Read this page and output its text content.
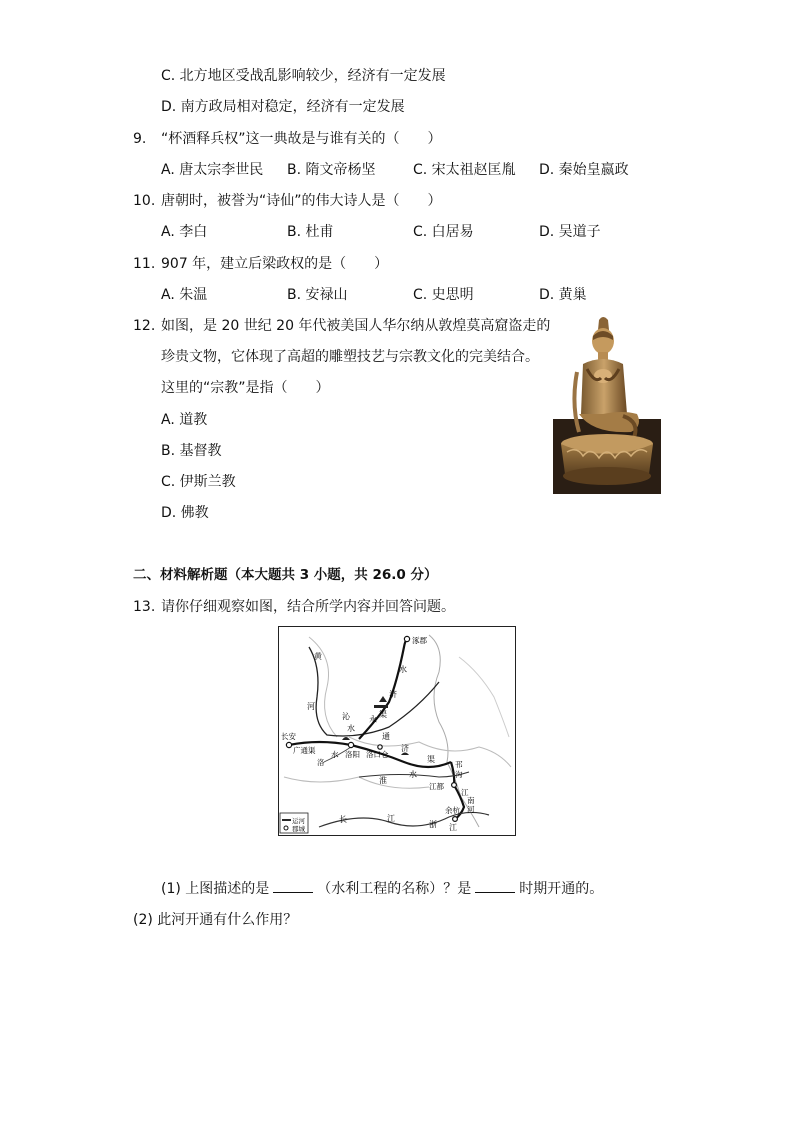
C. 北方地区受战乱影响较少，经济有一定发展
D. 南方政局相对稳定，经济有一定发展
9. “杯酒释兵权”这一典故是与谁有关的（　　）
A. 唐太宗李世民 B. 隋文帝杨坚	C. 宋太祖赵匡胤 D. 秦始皇嬴政
10. 唐朝时，被誉为“诗仙”的伟大诗人是（　　）
A. 李白	B. 杜甫	C. 白居易	D. 吴道子
11. 907 年，建立后梁政权的是（　　）
A. 朱温	B. 安禄山	C. 史思明	D. 黄巢
12. 如图，是 20 世纪 20 年代被美国人华尔纳从敦煌莫高窟盗走的
珍贵文物，它体现了高超的雕塑技艺与宗教文化的完美结合。
这里的“宗教”是指（　　）
A. 道教
B. 基督教
C. 伊斯兰教
D. 佛教
二、材料解析题（本大题共 3 小题，共 26.0 分）
13. 请你仔细观察如图，结合所学内容并回答问题。
涿郡
黄
河
水
济
永
渠
沁
水
长安
广通渠
洛
水 洛阳 洛口仓
通
济
渠
淮
水
邗
沟
江都
江
南
河
余杭
长	江
浙 江
运河
郡城
(1) 上图描述的是	（水利工程的名称）？是	时期开通的。
(2) 此河开通有什么作用？
